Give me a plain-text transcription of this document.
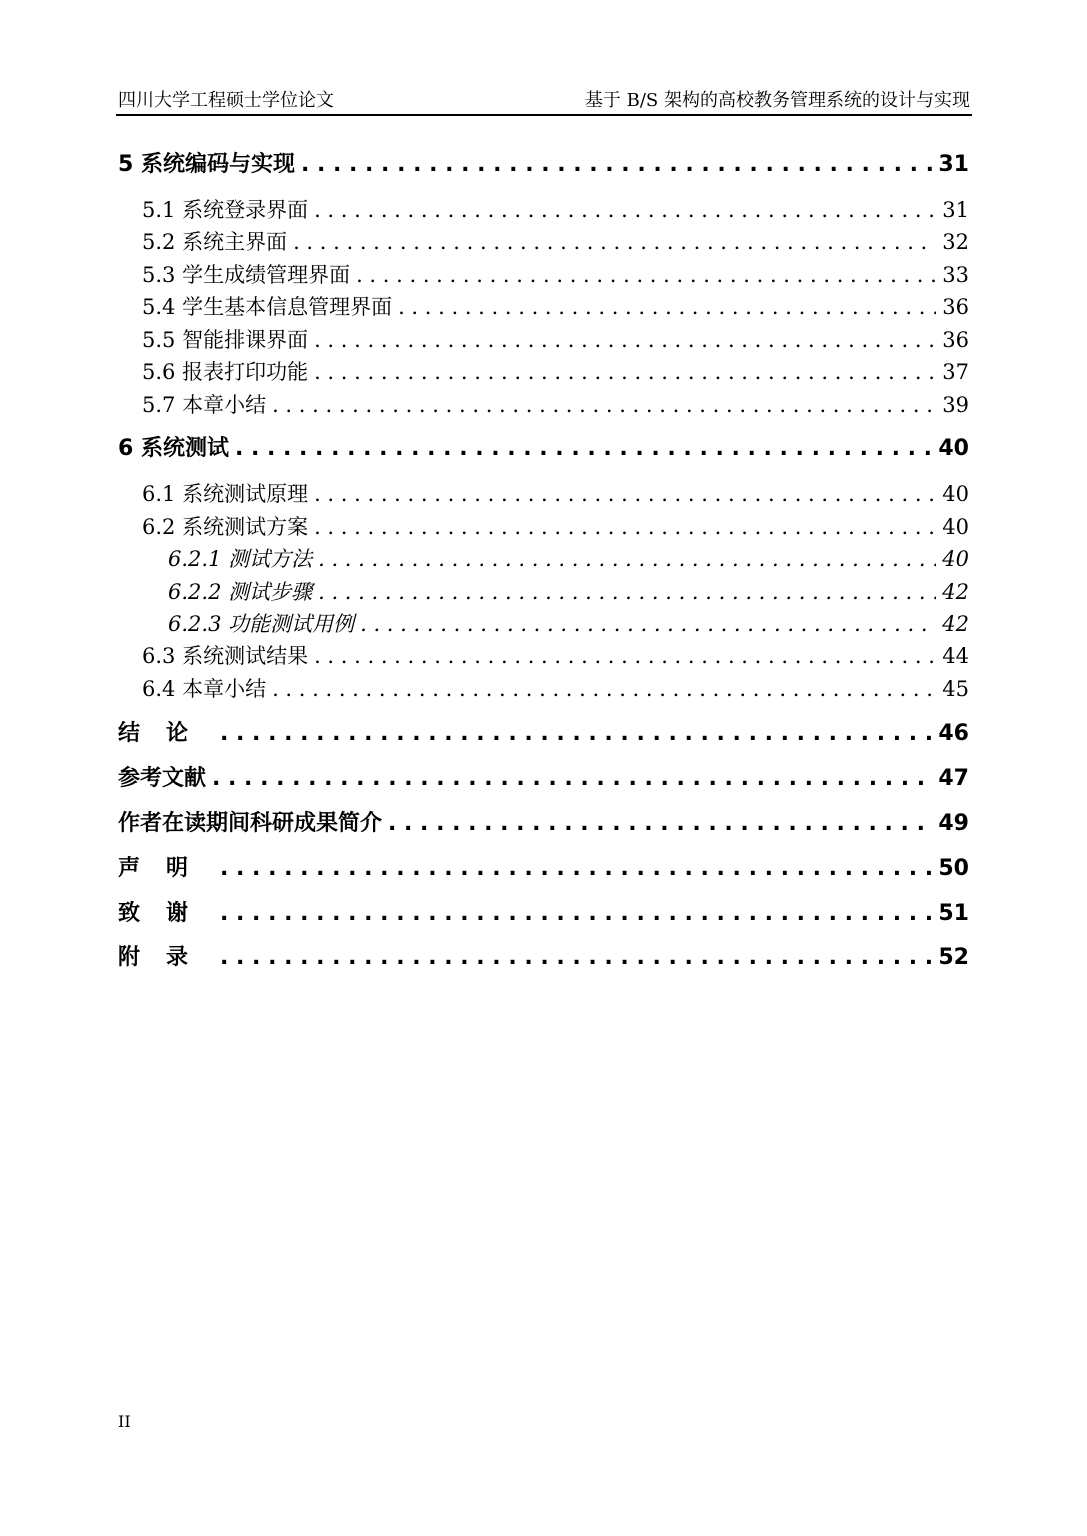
四川大学工程硕士学位论文	基于 B/S 架构的高校教务管理系统的设计与实现
5 系统编码与实现 . . .	31
5.1 系统登录界面 . . .	31
5.2 系统主界面 . . .	32
5.3 学生成绩管理界面 . . .	33
5.4 学生基本信息管理界面 . . .	36
5.5 智能排课界面 . . .	36
5.6 报表打印功能 . . .	37
5.7 本章小结 . . .	39
6 系统测试 . . .	40
6.1 系统测试原理 . . .	40
6.2 系统测试方案 . . .	40
6.2.1 测试方法 . . .	40
6.2.2 测试步骤 . . .	42
6.2.3 功能测试用例 . . .	42
6.3 系统测试结果 . . .	44
6.4 本章小结 . . .	45
结论 . . .	46
参考文献 . . .	47
作者在读期间科研成果简介 . . .	49
声明 . . .	50
致谢 . . .	51
附录 . . .	52
II
